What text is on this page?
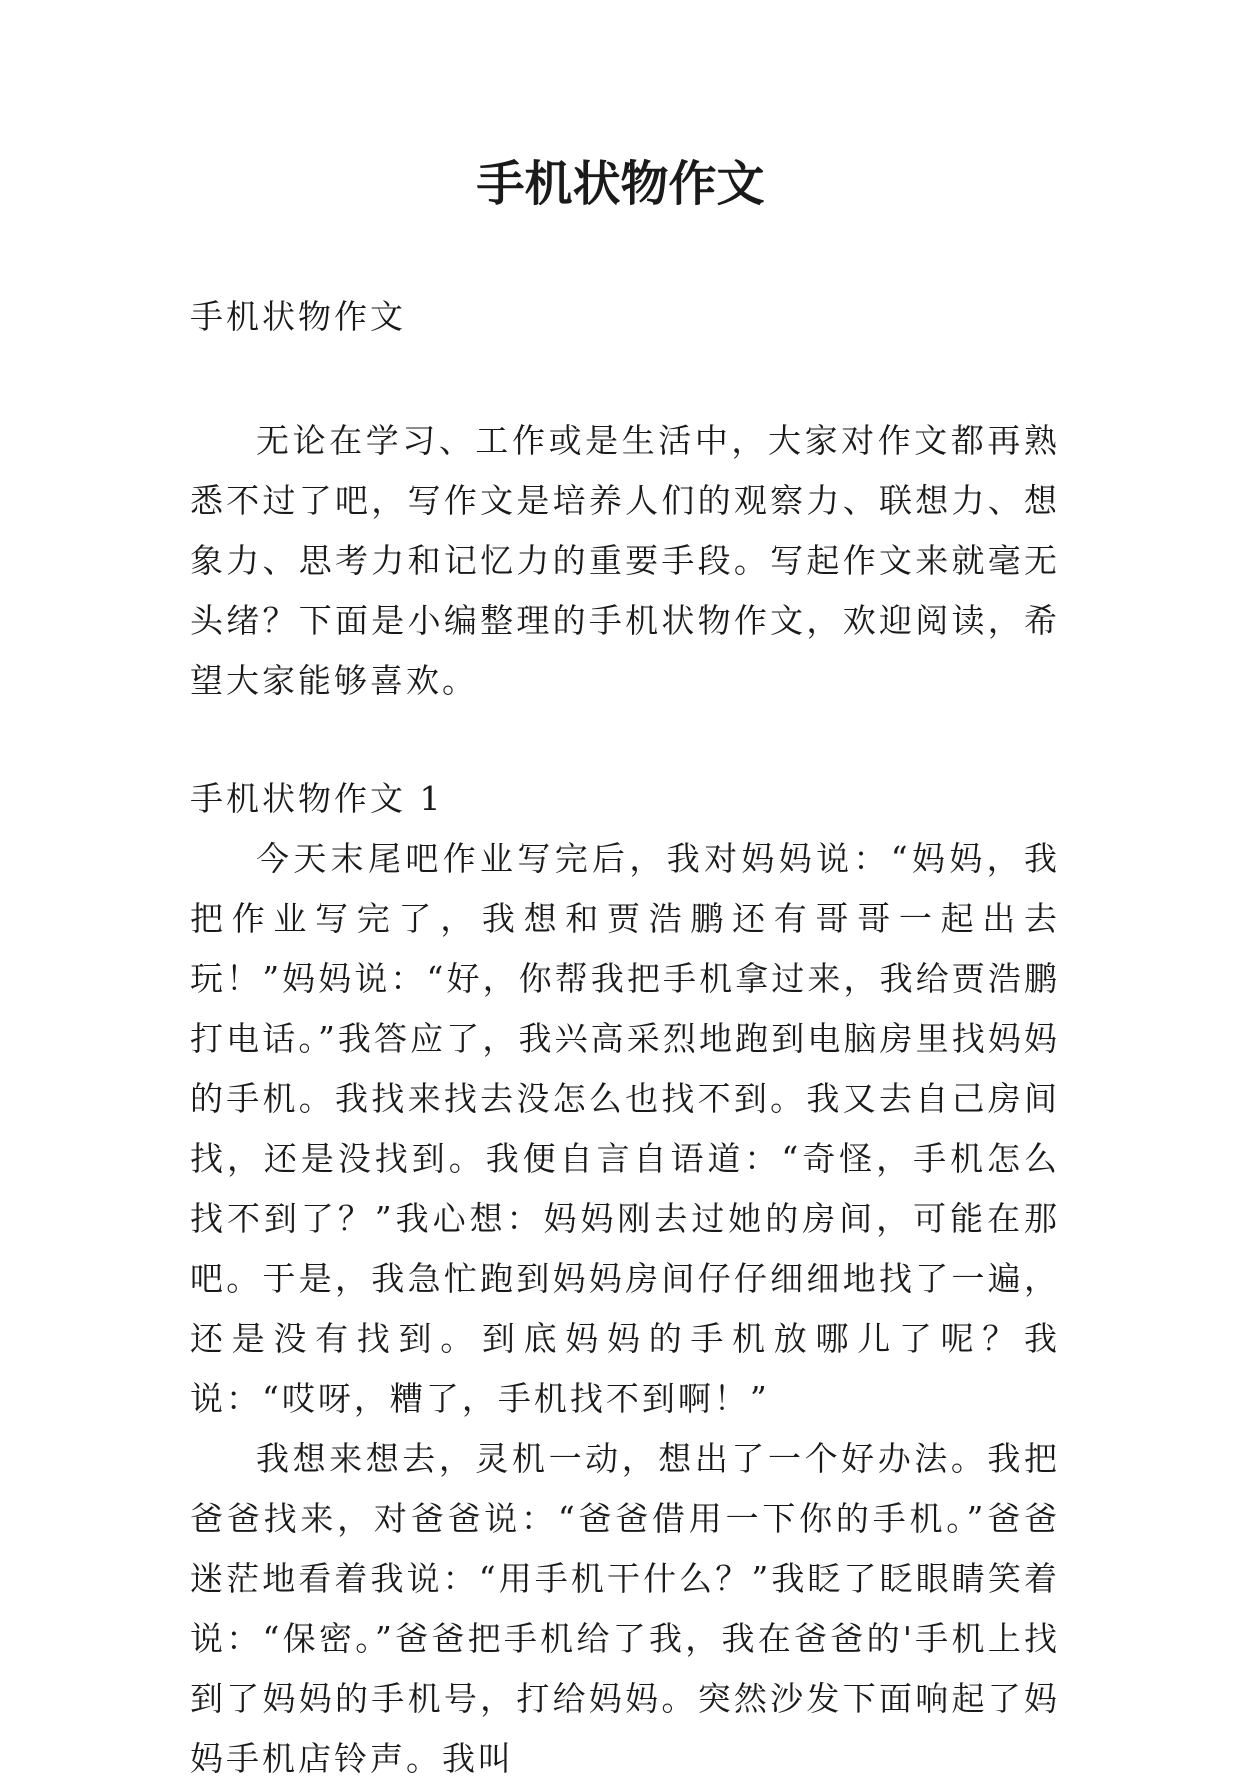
手机状物作文

手机状物作文

无论在学习、工作或是生活中，大家对作文都再熟悉不过了吧，写作文是培养人们的观察力、联想力、想象力、思考力和记忆力的重要手段。写起作文来就毫无头绪？下面是小编整理的手机状物作文，欢迎阅读，希望大家能够喜欢。

手机状物作文 1

今天末尾吧作业写完后，我对妈妈说：“妈妈，我把作业写完了，我想和贾浩鹏还有哥哥一起出去玩！”妈妈说：“好，你帮我把手机拿过来，我给贾浩鹏打电话。”我答应了，我兴高采烈地跑到电脑房里找妈妈的手机。我找来找去没怎么也找不到。我又去自己房间找，还是没找到。我便自言自语道：“奇怪，手机怎么找不到了？”我心想：妈妈刚去过她的房间，可能在那吧。于是，我急忙跑到妈妈房间仔仔细细地找了一遍，还是没有找到。到底妈妈的手机放哪儿了呢？我说：“哎呀，糟了，手机找不到啊！”

我想来想去，灵机一动，想出了一个好办法。我把爸爸找来，对爸爸说：“爸爸借用一下你的手机。”爸爸迷茫地看着我说：“用手机干什么？”我眨了眨眼睛笑着说：“保密。”爸爸把手机给了我，我在爸爸的'手机上找到了妈妈的手机号，打给妈妈。突然沙发下面响起了妈妈手机店铃声。我叫
